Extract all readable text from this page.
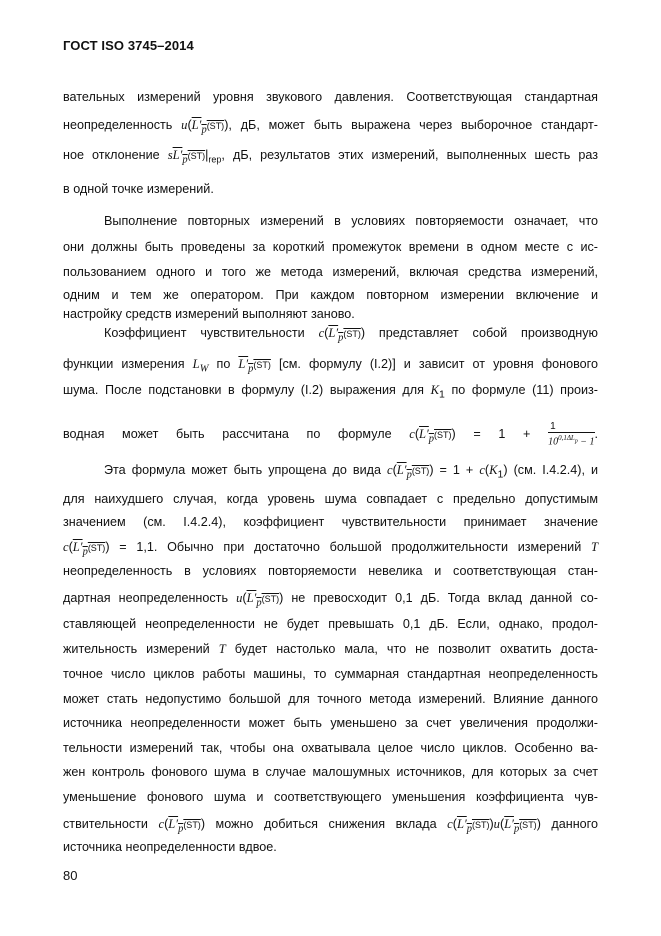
ГОСТ ISO 3745–2014
вательных измерений уровня звукового давления. Соответствующая стандартная
неопределенность $u(L'_p(ST))$, дБ, может быть выражена через выборочное стандарт-
ное отклонение $sL'_p(ST)|_{rep}$, дБ, результатов этих измерений, выполненных шесть раз
в одной точке измерений.
Выполнение повторных измерений в условиях повторяемости означает, что
они должны быть проведены за короткий промежуток времени в одном месте с ис-
пользованием одного и того же метода измерений, включая средства измерений,
одним и тем же оператором. При каждом повторном измерении включение и
настройку средств измерений выполняют заново.
Коэффициент чувствительности $c(L'_p(ST))$ представляет собой производную
функции измерения $L_W$ по $L'_p(ST)$ [см. формулу (I.2)] и зависит от уровня фонового
шума. После подстановки в формулу (I.2) выражения для $K_1$ по формуле (11) произ-
водная может быть рассчитана по формуле $c(L'_p(ST)) = 1$ +
1
$10^{0,1\Delta L_p} - 1$
.
Эта формула может быть упрощена до вида $c(L'_p(ST)) = 1 + c(K_1)$ (см. I.4.2.4), и
для наихудшего случая, когда уровень шума совпадает с предельно допустимым
значением (см. I.4.2.4), коэффициент чувствительности принимает значение
$c(L'_p(ST)) = 1,1$. Обычно при достаточно большой продолжительности измерений T
неопределенность в условиях повторяемости невелика и соответствующая стан-
дартная неопределенность $u(L'_p(ST))$ не превосходит 0,1 дБ. Тогда вклад данной со-
ставляющей неопределенности не будет превышать 0,1 дБ. Если, однако, продол-
жительность измерений T будет настолько мала, что не позволит охватить доста-
точное число циклов работы машины, то суммарная стандартная неопределенность
может стать недопустимо большой для точного метода измерений. Влияние данного
источника неопределенности может быть уменьшено за счет увеличения продолжи-
тельности измерений так, чтобы она охватывала целое число циклов. Особенно ва-
жен контроль фонового шума в случае малошумных источников, для которых за счет
уменьшение фонового шума и соответствующего уменьшения коэффициента чув-
ствительности $c(L'_p(ST))$ можно добиться снижения вклада $c(L'_p(ST))u(L'_p(ST))$ данного
источника неопределенности вдвое.
80
